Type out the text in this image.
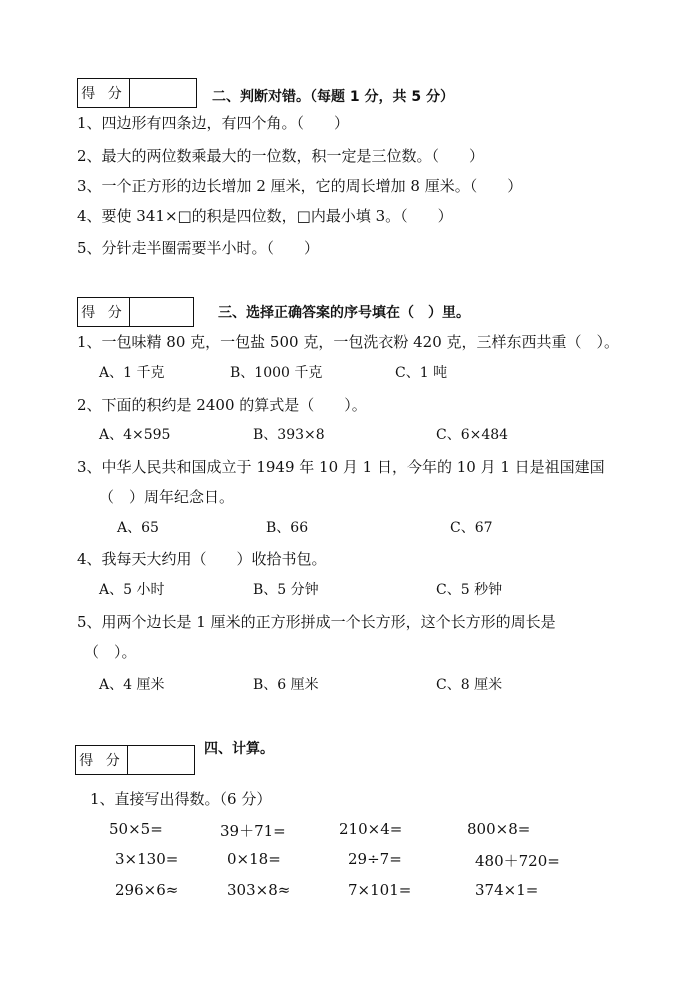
得 分	二、判断对错。（每题 1 分，共 5 分）
1、四边形有四条边，有四个角。（　　）
2、最大的两位数乘最大的一位数，积一定是三位数。（　　）
3、一个正方形的边长增加 2 厘米，它的周长增加 8 厘米。（　　）
4、要使 341×□的积是四位数，□内最小填 3。（　　）
5、分针走半圈需要半小时。（　　）
得 分	三、选择正确答案的序号填在（　）里。
1、一包味精 80 克，一包盐 500 克，一包洗衣粉 420 克，三样东西共重（　）。
A、1 千克	B、1000 千克	C、1 吨
2、下面的积约是 2400 的算式是（　　）。
A、4×595	B、393×8	C、6×484
3、中华人民共和国成立于 1949 年 10 月 1 日，今年的 10 月 1 日是祖国建国
（　）周年纪念日。
A、65	B、66	C、67
4、我每天大约用（　　）收拾书包。
A、5 小时	B、5 分钟	C、5 秒钟
5、用两个边长是 1 厘米的正方形拼成一个长方形，这个长方形的周长是
（　）。
A、4 厘米	B、6 厘米	C、8 厘米
得 分
四、计算。
1、直接写出得数。（6 分）
50×5=	39＋71=	210×4=	800×8=
3×130=	0×18=	29÷7=	480＋720=
296×6≈	303×8≈	7×101=	374×1=
